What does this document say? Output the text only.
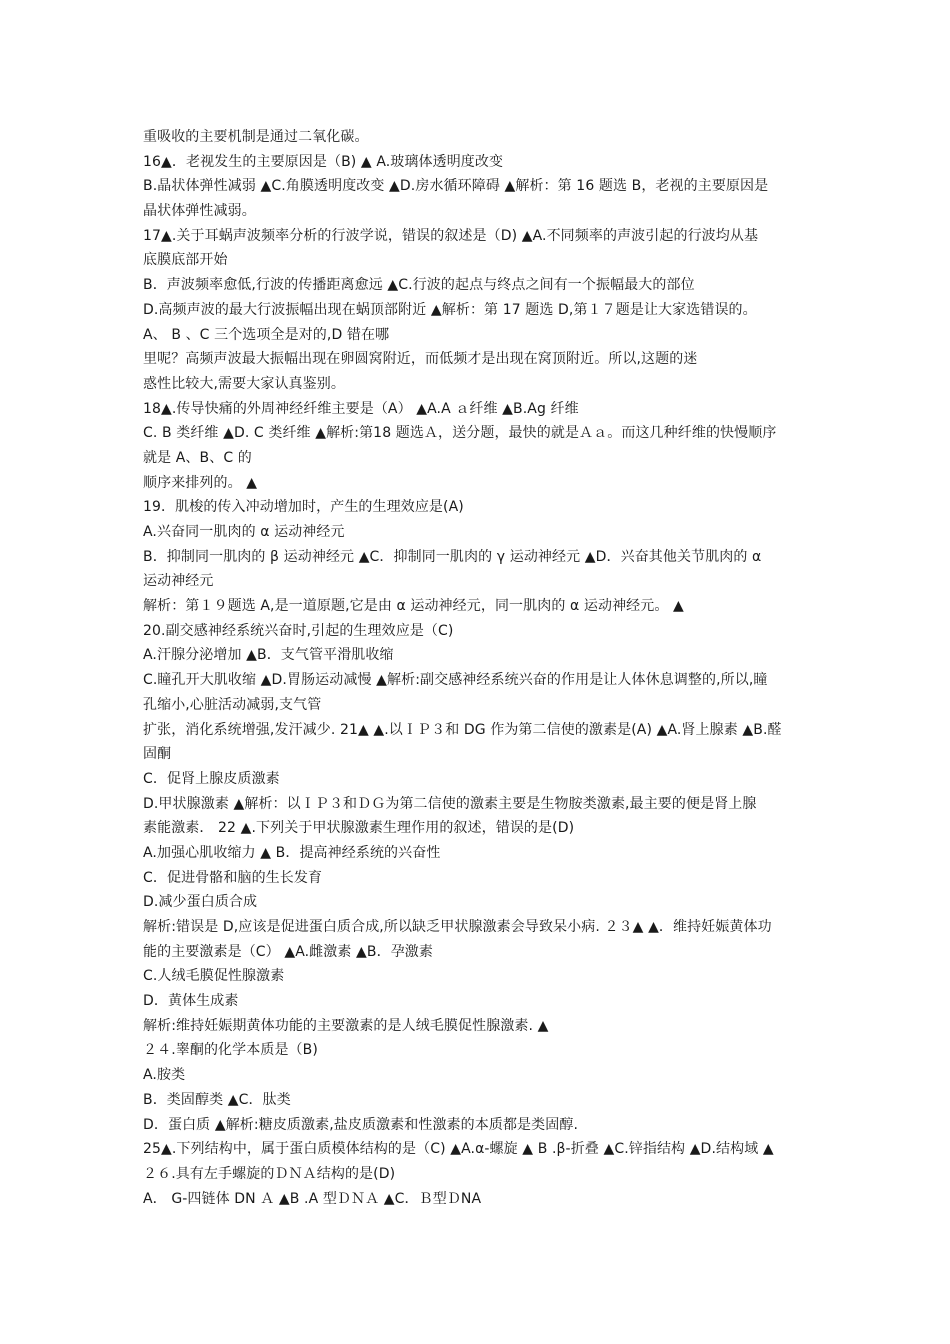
重吸收的主要机制是通过二氧化碳。
16▲．老视发生的主要原因是（B) ▲ A.玻璃体透明度改变
B.晶状体弹性减弱 ▲C.角膜透明度改变 ▲D.房水循环障碍 ▲解析：第 16 题选 B，老视的主要原因是
晶状体弹性减弱。
17▲.关于耳蜗声波频率分析的行波学说，错误的叙述是（D) ▲A.不同频率的声波引起的行波均从基
底膜底部开始
B．声波频率愈低,行波的传播距离愈远 ▲C.行波的起点与终点之间有一个振幅最大的部位
D.高频声波的最大行波振幅出现在蜗顶部附近 ▲解析：第 17 题选 D,第１７题是让大家选错误的。
A、 B 、C 三个选项全是对的,D 错在哪
里呢？高频声波最大振幅出现在卵圆窝附近，而低频才是出现在窝顶附近。所以,这题的迷
惑性比较大,需要大家认真鉴别。
18▲.传导快痛的外周神经纤维主要是（A） ▲A.A ａ纤维 ▲B.Ag 纤维
C. B 类纤维 ▲D. C 类纤维 ▲解析:第18 题选Ａ，送分题，最快的就是Ａａ。而这几种纤维的快慢顺序
就是 A、B、C 的
顺序来排列的。 ▲
19．肌梭的传入冲动增加时，产生的生理效应是(A)
A.兴奋同一肌肉的 α 运动神经元
B．抑制同一肌肉的 β 运动神经元 ▲C．抑制同一肌肉的 γ 运动神经元 ▲D．兴奋其他关节肌肉的 α
运动神经元
解析：第１９题选 A,是一道原题,它是由 α 运动神经元，同一肌肉的 α 运动神经元。 ▲
20.副交感神经系统兴奋时,引起的生理效应是（C)
A.汗腺分泌增加 ▲B．支气管平滑肌收缩
C.瞳孔开大肌收缩 ▲D.胃肠运动减慢 ▲解析:副交感神经系统兴奋的作用是让人体休息调整的,所以,瞳
孔缩小,心脏活动减弱,支气管
扩张，消化系统增强,发汗减少. 21▲ ▲.以ＩＰ３和 DG 作为第二信使的激素是(A) ▲A.肾上腺素 ▲B.醛
固酮
C．促肾上腺皮质激素
D.甲状腺激素 ▲解析：以ＩＰ３和ＤＧ为第二信使的激素主要是生物胺类激素,最主要的便是肾上腺
素能激素． 22 ▲.下列关于甲状腺激素生理作用的叙述，错误的是(D)
A.加强心肌收缩力 ▲ B．提高神经系统的兴奋性
C．促进骨骼和脑的生长发育
D.减少蛋白质合成
解析:错误是 D,应该是促进蛋白质合成,所以缺乏甲状腺激素会导致呆小病. ２３▲ ▲．维持妊娠黄体功
能的主要激素是（C） ▲A.雌激素 ▲B．孕激素
C.人绒毛膜促性腺激素
D．黄体生成素
解析:维持妊娠期黄体功能的主要激素的是人绒毛膜促性腺激素. ▲
２４.睾酮的化学本质是（B)
A.胺类
B．类固醇类 ▲C．肽类
D．蛋白质 ▲解析:糖皮质激素,盐皮质激素和性激素的本质都是类固醇.
25▲.下列结构中，属于蛋白质模体结构的是（C) ▲A.α-螺旋 ▲ B .β-折叠 ▲C.锌指结构 ▲D.结构域 ▲
２６.具有左手螺旋的ＤＮＡ结构的是(D)
A． G-四链体 DN Ａ ▲B .A 型ＤＮＡ ▲C．Ｂ型ＤNA
